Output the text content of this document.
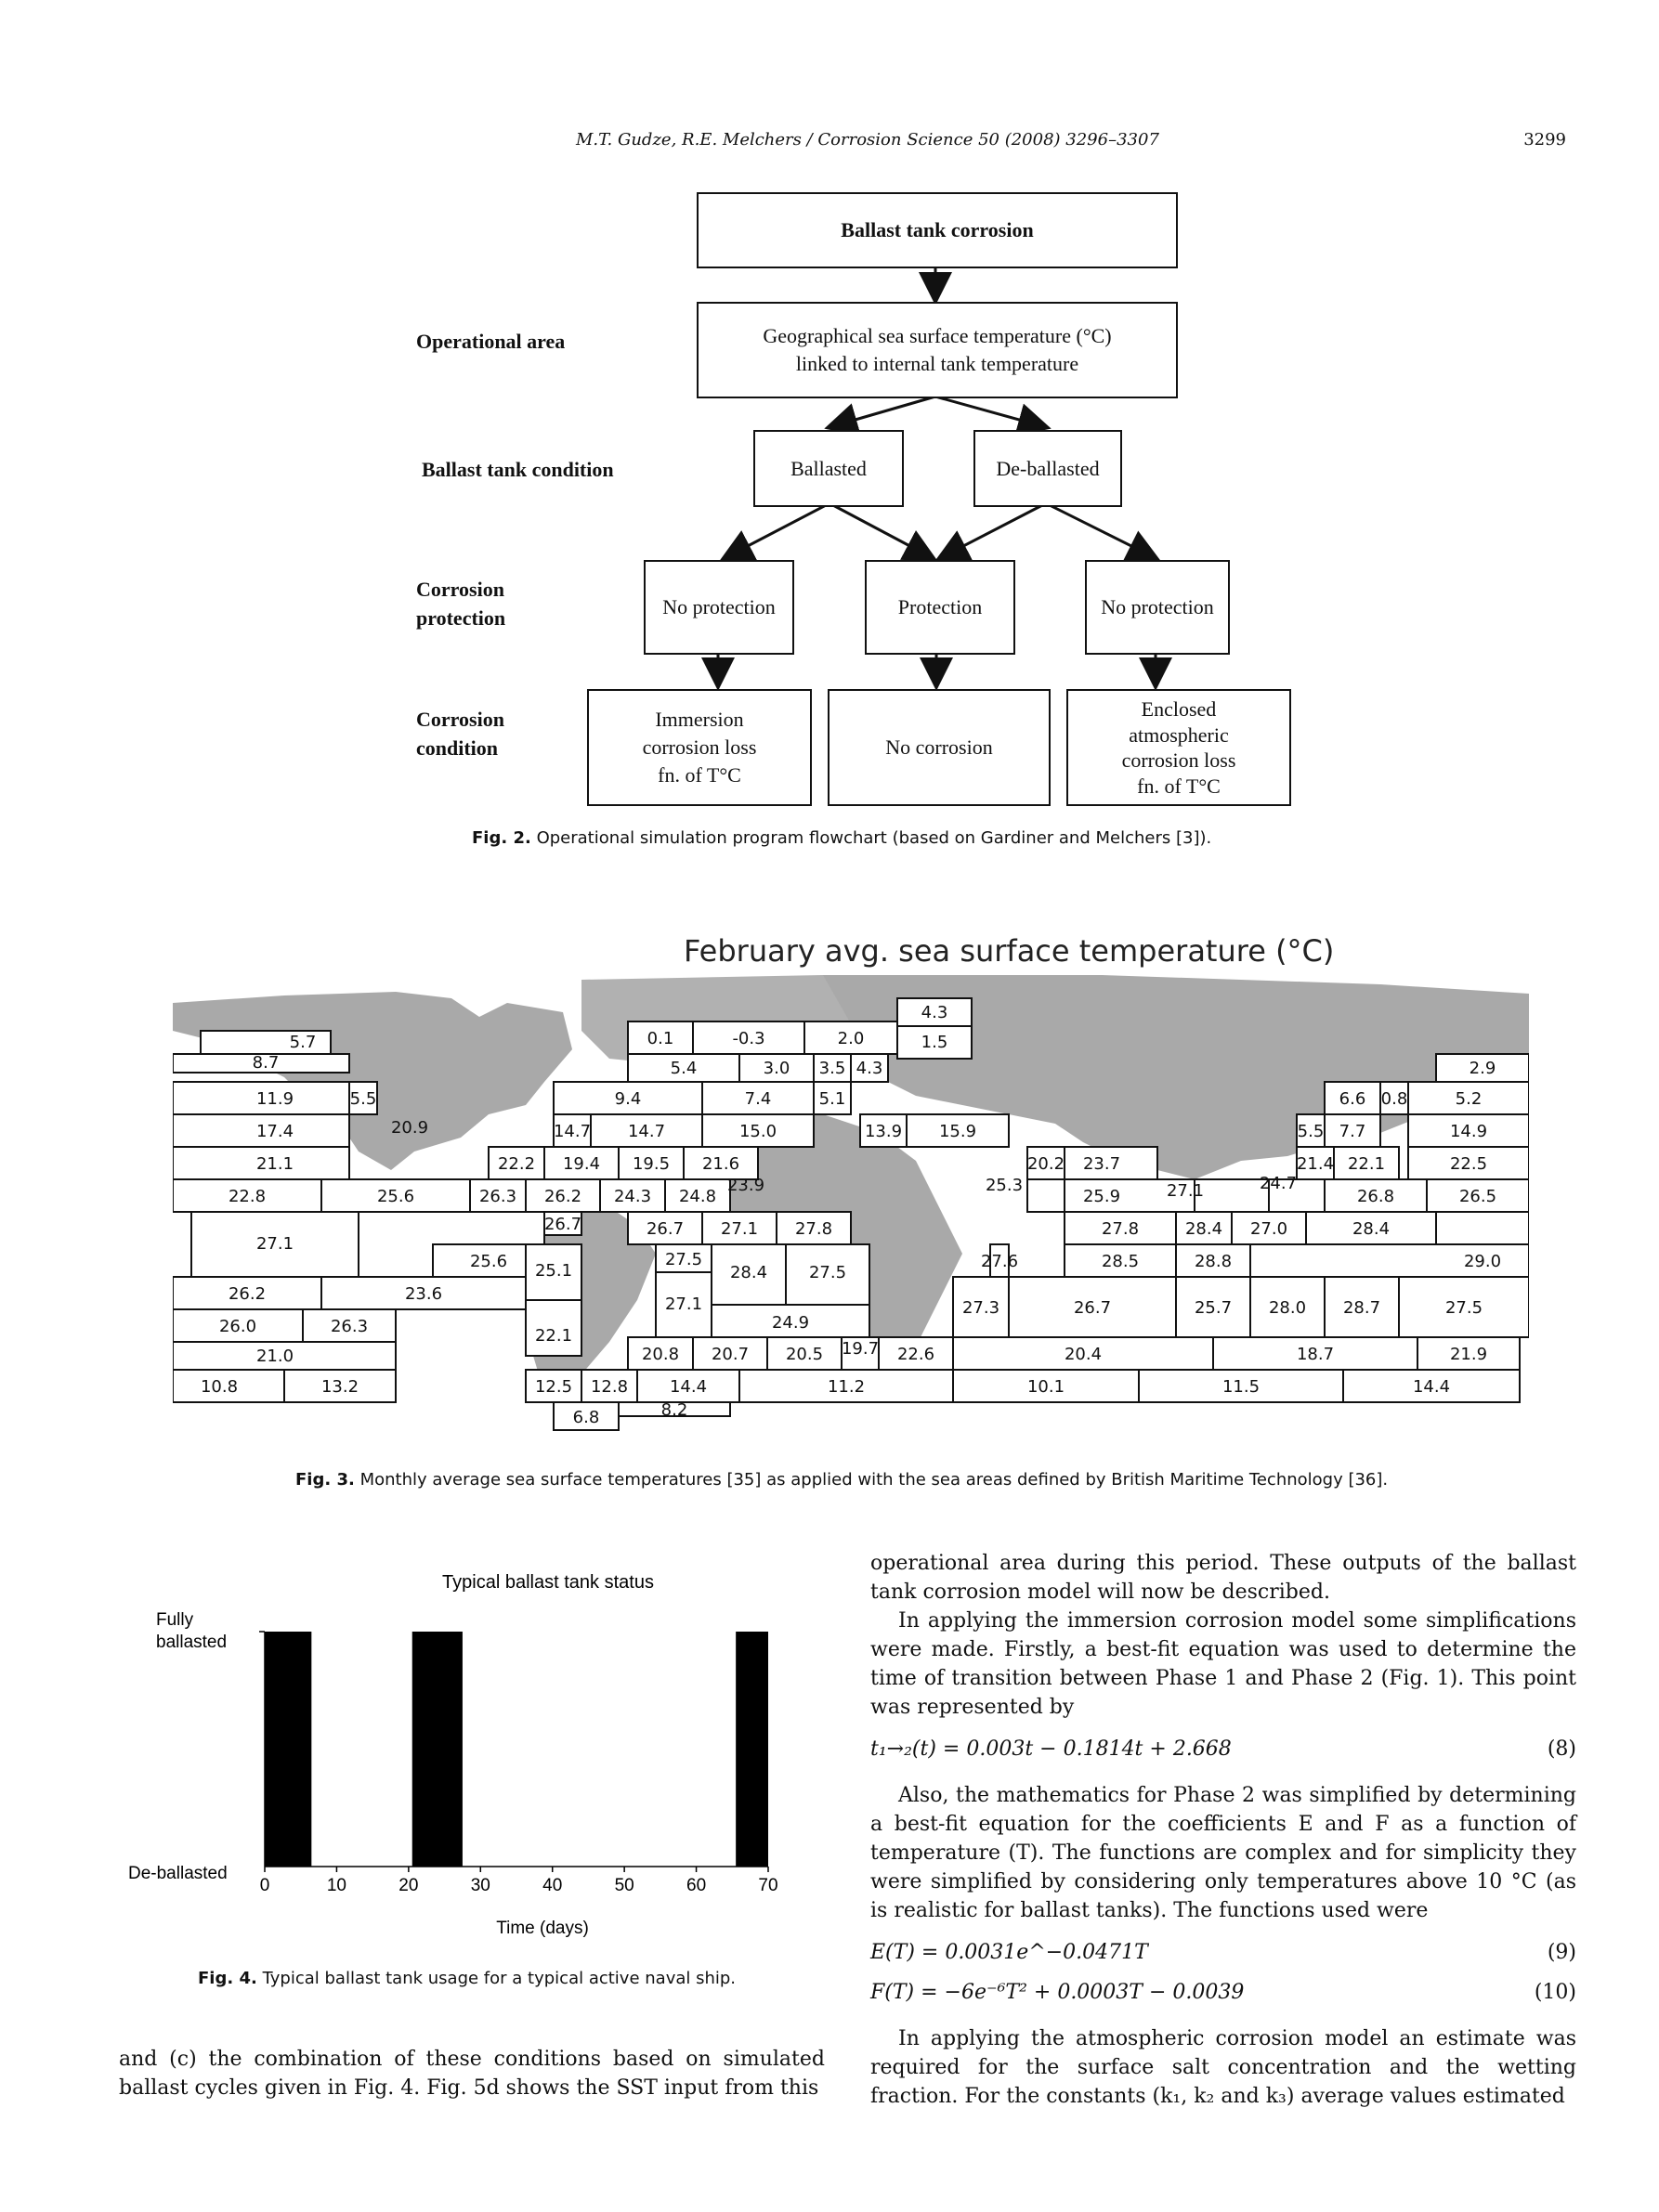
M.T. Gudze, R.E. Melchers / Corrosion Science 50 (2008) 3296–3307	3299
Ballast tank corrosion
Operational area	Geographical sea surface temperature (°C)
linked to internal tank temperature
Ballast tank condition	Ballasted	De-ballasted
Corrosion
protection	No protection	Protection	No protection
Corrosion
condition
Immersion
corrosion loss
fn. of T°C
No corrosion
Enclosed
atmospheric
corrosion loss
fn. of T°C
Fig. 2. Operational simulation program flowchart (based on Gardiner and Melchers [3]).
February avg. sea surface temperature (°C)
0.1	-0.3	2.0
4.3
1.5
5.7
8.7	5.4	3.0 3.5 4.3	2.9
11.9	5.5	9.4	7.4	5.1	6.6 0.8	5.2
17.4	14.7 14.7	15.0	13.9 15.9	5.5 7.7	14.9
21.1
20.9
22.2 19.4 19.5 21.6	20.2 23.7	21.4 22.1	22.5
22.8	25.6	26.3 26.2 24.3 24.8
23.9	25.3
25.9	27.1	24.7
26.8	26.5
27.1
26.7	26.7 27.1 27.8	27.8	28.4 27.0	28.4
25.6 25.1
27.5
28.4 27.5
27.6	28.5	28.8	29.0
26.2	23.6
27.1	27.3	26.7	25.7 28.0 28.7	27.5
26.0	26.3	24.9
22.1
21.0	20.8 20.7 20.5 19.7 22.6	20.4	18.7	21.9
10.8	13.2	12.5 12.8 14.4	11.2	10.1	11.5	14.4
6.8	8.2
Fig. 3. Monthly average sea surface temperatures [35] as applied with the sea areas defined by British Maritime Technology [36].
Typical ballast tank status
Fully
ballasted
De-ballasted
0	10	20	30	40	50	60	70
Time (days)
Fig. 4. Typical ballast tank usage for a typical active naval ship.
and (c) the combination of these conditions based on simulated ballast cycles given in Fig. 4. Fig. 5d shows the SST input from this
operational area during this period. These outputs of the ballast tank corrosion model will now be described.
In applying the immersion corrosion model some simplifications were made. Firstly, a best-fit equation was used to determine the time of transition between Phase 1 and Phase 2 (Fig. 1). This point was represented by
t₁→₂(t) = 0.003t − 0.1814t + 2.668	(8)
Also, the mathematics for Phase 2 was simplified by determining a best-fit equation for the coefficients E and F as a function of temperature (T). The functions are complex and for simplicity they were simplified by considering only temperatures above 10 °C (as is realistic for ballast tanks). The functions used were
E(T) = 0.0031e^−0.0471T	(9)
F(T) = −6e⁻⁶T² + 0.0003T − 0.0039	(10)
In applying the atmospheric corrosion model an estimate was required for the surface salt concentration and the wetting fraction. For the constants (k₁, k₂ and k₃) average values estimated
